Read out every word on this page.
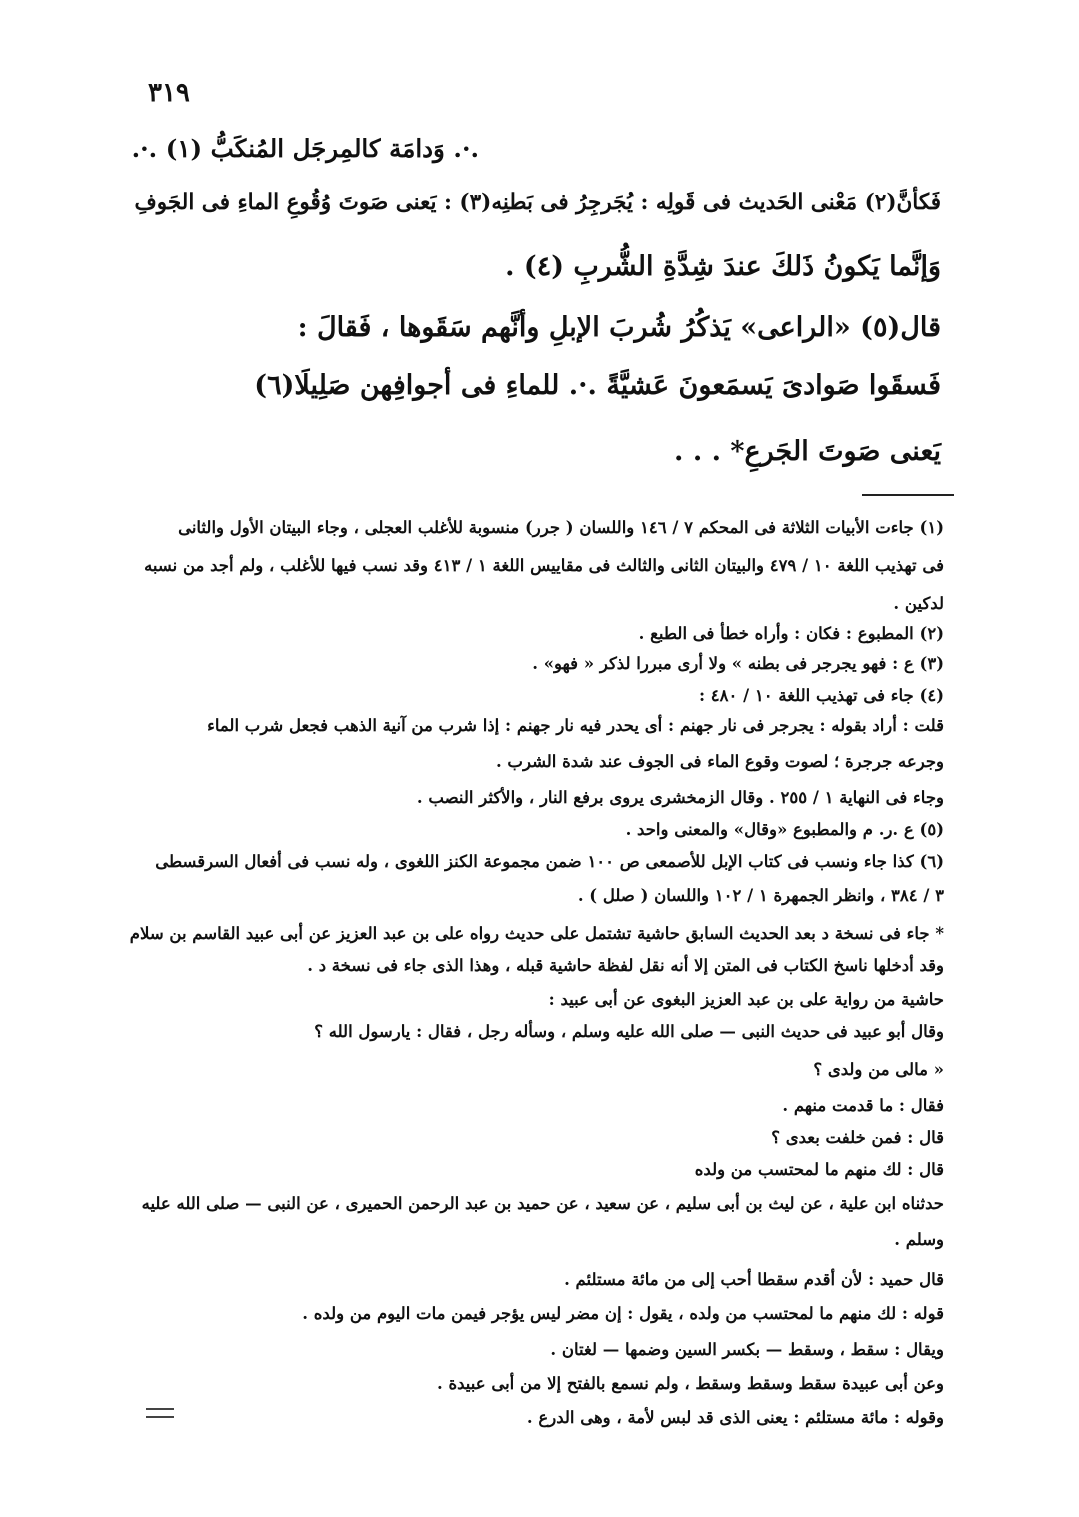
٣١٩
.·. وَدامَة كالمِرجَل المُنكَبُّ (١) .·.
فَكأنَّ(٢) مَعْنى الحَديث فى قَولِه : يُجَرجِرُ فى بَطنِه(٣) : يَعنى صَوتَ وُقُوعِ الماءِ فى الجَوفِ
وَإنَّما يَكونُ ذَلكَ عندَ شِدَّةِ الشُّربِ (٤) .
قال(٥) «الراعى» يَذكُرُ شُربَ الإبلِ وأنَّهم سَقَوها ، فَقالَ :
فَسقَوا صَوادىَ يَسمَعونَ عَشيَّةً .·. للماءِ فى أجوافِهن صَلِيلَا(٦)
يَعنى صَوتَ الجَرعِ* . . .
(١) جاءت الأبيات الثلاثة فى المحكم ٧ / ١٤٦ واللسان ( جرر) منسوبة للأغلب العجلى ، وجاء البيتان الأول والثانى
فى تهذيب اللغة ١٠ / ٤٧٩ والبيتان الثانى والثالث فى مقاييس اللغة ١ / ٤١٣ وقد نسب فيها للأغلب ، ولم أجد من نسبه
لدكين .
(٢) المطبوع : فكان : وأراه خطأ فى الطبع .
(٣) ع : فهو يجرجر فى بطنه » ولا أرى مبررا لذكر « فهو» .
(٤) جاء فى تهذيب اللغة ١٠ / ٤٨٠ :
قلت : أراد بقوله : يجرجر فى نار جهنم : أى يحدر فيه نار جهنم : إذا شرب من آنية الذهب فجعل شرب الماء
وجرعه جرجرة ؛ لصوت وقوع الماء فى الجوف عند شدة الشرب .
وجاء فى النهاية ١ / ٢٥٥ . وقال الزمخشرى يروى برفع النار ، والأكثر النصب .
(٥) ع .ر. م والمطبوع «وقال» والمعنى واحد .
(٦) كذا جاء ونسب فى كتاب الإبل للأصمعى ص ١٠٠ ضمن مجموعة الكنز اللغوى ، وله نسب فى أفعال السرقسطى
٣ / ٣٨٤ ، وانظر الجمهرة ١ / ١٠٢ واللسان ( صلل ) .
* جاء فى نسخة د بعد الحديث السابق حاشية تشتمل على حديث رواه على بن عبد العزيز عن أبى عبيد القاسم بن سلام
وقد أدخلها ناسخ الكتاب فى المتن إلا أنه نقل لفظة حاشية قبله ، وهذا الذى جاء فى نسخة د .
حاشية من رواية على بن عبد العزيز البغوى عن أبى عبيد :
وقال أبو عبيد فى حديث النبى — صلى الله عليه وسلم ، وسأله رجل ، فقال : يارسول الله ؟
« مالى من ولدى ؟
فقال : ما قدمت منهم .
قال : فمن خلفت بعدى ؟
قال : لك منهم ما لمحتسب من ولده
حدثناه ابن علية ، عن ليث بن أبى سليم ، عن سعيد ، عن حميد بن عبد الرحمن الحميرى ، عن النبى — صلى الله عليه
وسلم .
قال حميد : لأن أقدم سقطا أحب إلى من مائة مستلئم .
قوله : لك منهم ما لمحتسب من ولده ، يقول : إن مضر ليس يؤجر فيمن مات اليوم من ولده .
ويقال : سقط ، وسقط — بكسر السين وضمها — لغتان .
وعن أبى عبيدة سقط وسقط وسقط ، ولم نسمع بالفتح إلا من أبى عبيدة .
وقوله : مائة مستلئم : يعنى الذى قد لبس لأمة ، وهى الدرع .
